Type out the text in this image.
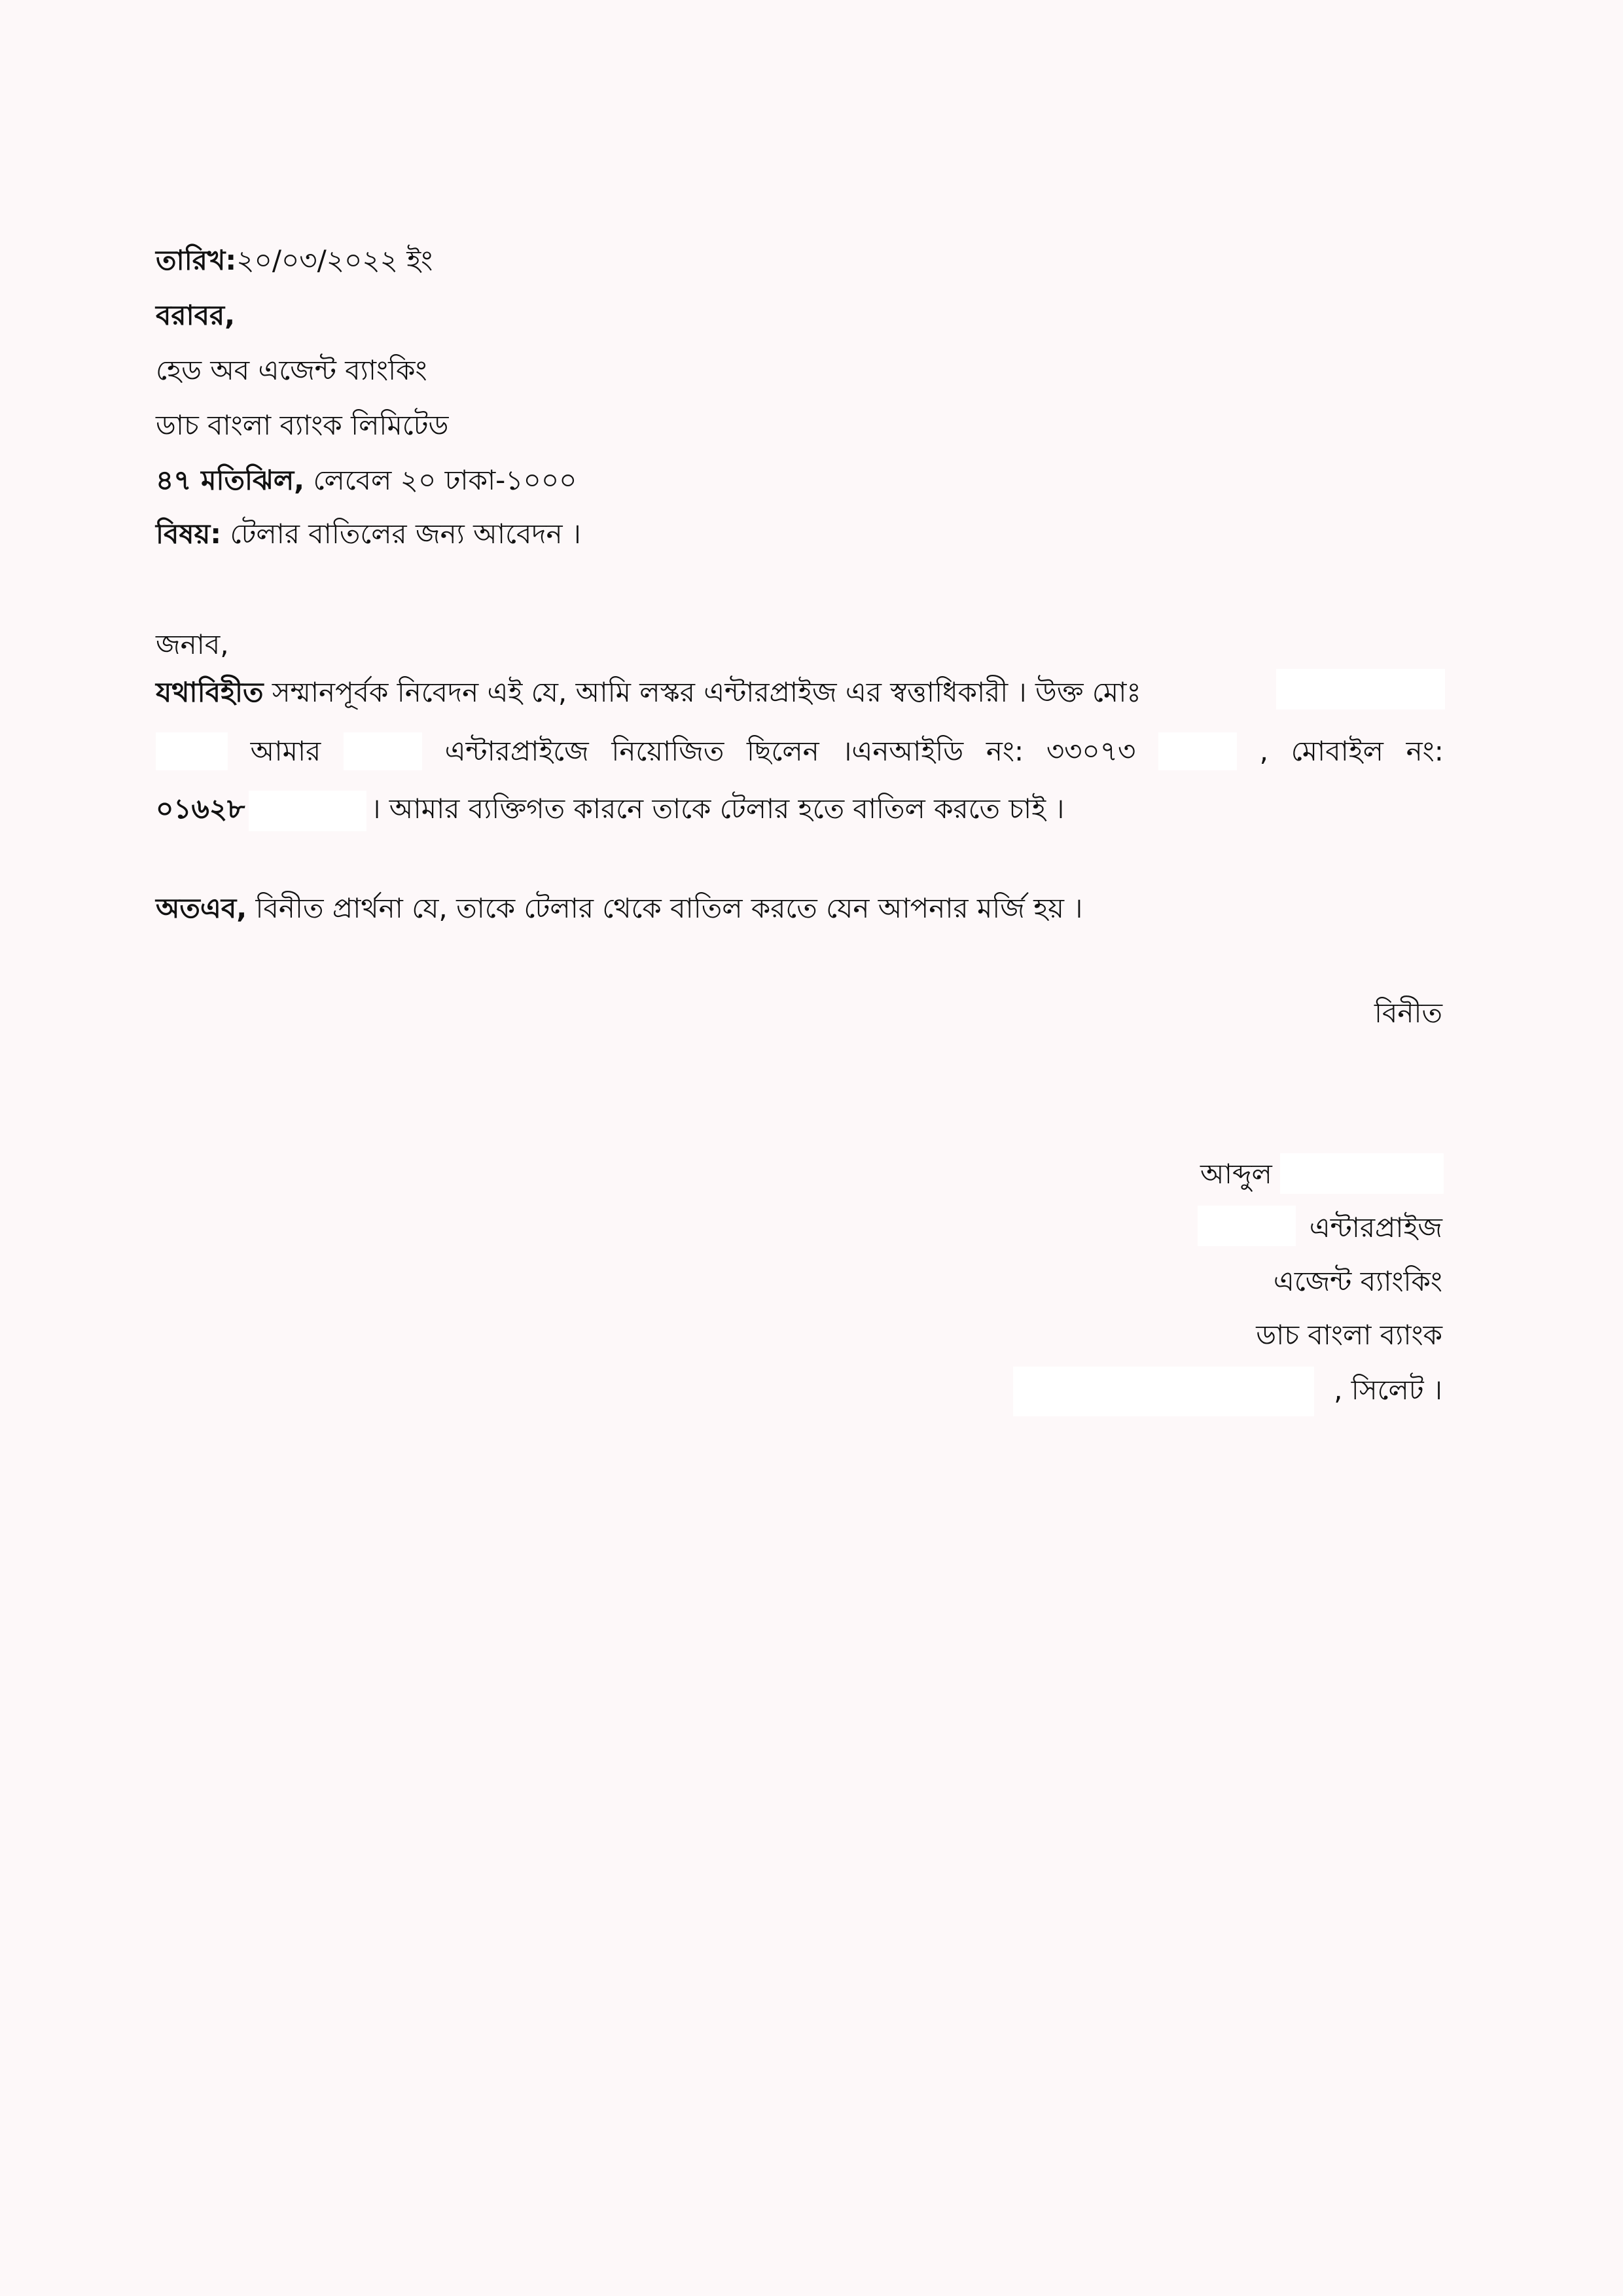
তারিখ:২০/০৩/২০২২ ইং
বরাবর,
হেড অব এজেন্ট ব্যাংকিং
ডাচ বাংলা ব্যাংক লিমিটেড
৪৭ মতিঝিল, লেবেল ২০ ঢাকা-১০০০
বিষয়: টেলার বাতিলের জন্য আবেদন ।
জনাব,
যথাবিহীত সম্মানপূর্বক নিবেদন এই যে, আমি লস্কর এন্টারপ্রাইজ এর স্বত্তাধিকারী । উক্ত মোঃ
আমার	এন্টারপ্রাইজে নিয়োজিত ছিলেন ।এনআইডি নং: ৩৩০৭৩	, মোবাইল নং:
০১৬২৮	। আমার ব্যক্তিগত কারনে তাকে টেলার হতে বাতিল করতে চাই ।
অতএব, বিনীত প্রার্থনা যে, তাকে টেলার থেকে বাতিল করতে যেন আপনার মর্জি হয় ।
বিনীত
আব্দুল
এন্টারপ্রাইজ
এজেন্ট ব্যাংকিং
ডাচ বাংলা ব্যাংক
, সিলেট ।
